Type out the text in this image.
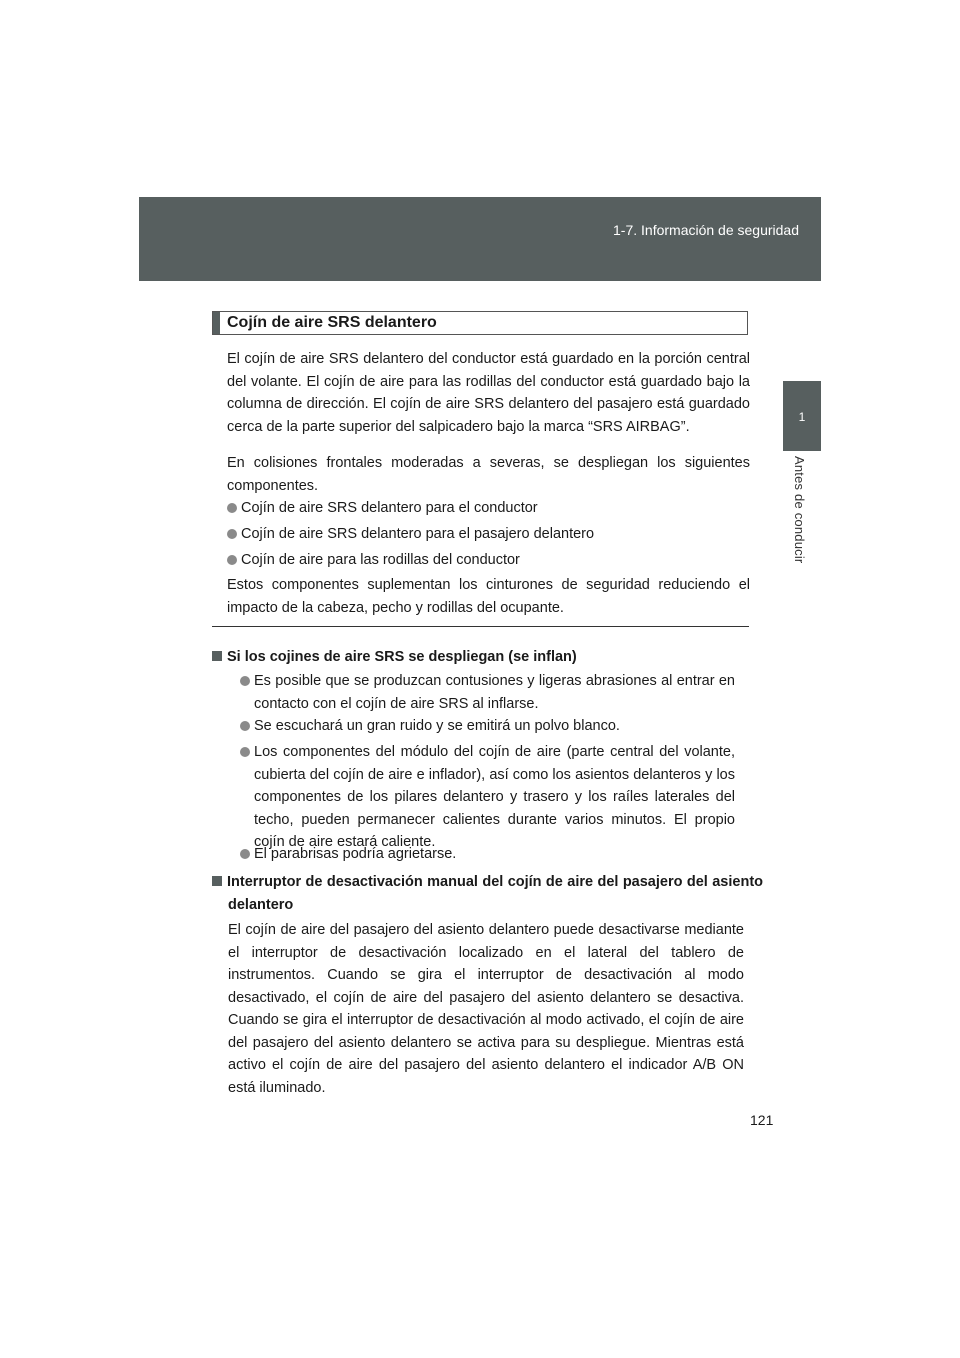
1-7. Información de seguridad
1
Antes de conducir
Cojín de aire SRS delantero
El cojín de aire SRS delantero del conductor está guardado en la porción central del volante. El cojín de aire para las rodillas del conductor está guardado bajo la columna de dirección. El cojín de aire SRS delantero del pasajero está guardado cerca de la parte superior del salpicadero bajo la marca “SRS AIRBAG”.
En colisiones frontales moderadas a severas, se despliegan los siguientes componentes.
Cojín de aire SRS delantero para el conductor
Cojín de aire SRS delantero para el pasajero delantero
Cojín de aire para las rodillas del conductor
Estos componentes suplementan los cinturones de seguridad reduciendo el impacto de la cabeza, pecho y rodillas del ocupante.
Si los cojines de aire SRS se despliegan (se inflan)
Es posible que se produzcan contusiones y ligeras abrasiones al entrar en contacto con el cojín de aire SRS al inflarse.
Se escuchará un gran ruido y se emitirá un polvo blanco.
Los componentes del módulo del cojín de aire (parte central del volante, cubierta del cojín de aire e inflador), así como los asientos delanteros y los componentes de los pilares delantero y trasero y los raíles laterales del techo, pueden permanecer calientes durante varios minutos. El propio cojín de aire estará caliente.
El parabrisas podría agrietarse.
Interruptor de desactivación manual del cojín de aire del pasajero del asiento delantero
El cojín de aire del pasajero del asiento delantero puede desactivarse mediante el interruptor de desactivación localizado en el lateral del tablero de instrumentos. Cuando se gira el interruptor de desactivación al modo desactivado, el cojín de aire del pasajero del asiento delantero se desactiva. Cuando se gira el interruptor de desactivación al modo activado, el cojín de aire del pasajero del asiento delantero se activa para su despliegue. Mientras está activo el cojín de aire del pasajero del asiento delantero el indicador A/B ON está iluminado.
121
